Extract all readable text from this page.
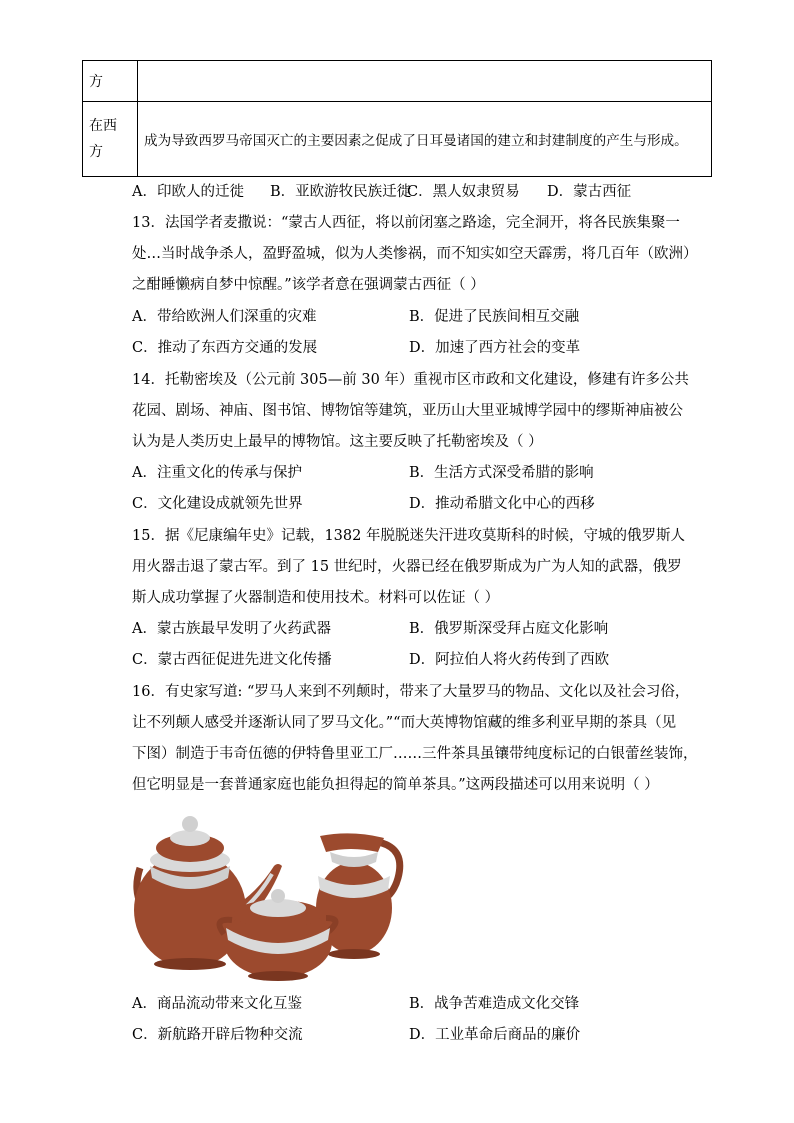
方	

在西
方	成为导致西罗马帝国灭亡的主要因素之促成了日耳曼诸国的建立和封建制度的产生与形成。
A．印欧人的迁徙 B．亚欧游牧民族迁徙
C．黑人奴隶贸易 D．蒙古西征
13．法国学者麦撒说：“蒙古人西征，将以前闭塞之路途，完全洞开，将各民族集聚一
处…当时战争杀人，盈野盈城，似为人类惨祸，而不知实如空天霹雳，将几百年（欧洲）
之酣睡懒病自梦中惊醒。”该学者意在强调蒙古西征（ ）
A．带给欧洲人们深重的灾难	B．促进了民族间相互交融
C．推动了东西方交通的发展	D．加速了西方社会的变革
14．托勒密埃及（公元前 305—前 30 年）重视市区市政和文化建设，修建有许多公共
花园、剧场、神庙、图书馆、博物馆等建筑，亚历山大里亚城博学园中的缪斯神庙被公
认为是人类历史上最早的博物馆。这主要反映了托勒密埃及（ ）
A．注重文化的传承与保护	B．生活方式深受希腊的影响
C．文化建设成就领先世界	D．推动希腊文化中心的西移
15．据《尼康编年史》记载，1382 年脱脱迷失汗进攻莫斯科的时候，守城的俄罗斯人
用火器击退了蒙古军。到了 15 世纪时，火器已经在俄罗斯成为广为人知的武器，俄罗
斯人成功掌握了火器制造和使用技术。材料可以佐证（ ）
A．蒙古族最早发明了火药武器	B．俄罗斯深受拜占庭文化影响
C．蒙古西征促进先进文化传播	D．阿拉伯人将火药传到了西欧
16．有史家写道: “罗马人来到不列颠时，带来了大量罗马的物品、文化以及社会习俗，
让不列颠人感受并逐渐认同了罗马文化。”“而大英博物馆藏的维多利亚早期的茶具（见
下图）制造于韦奇伍德的伊特鲁里亚工厂……三件茶具虽镶带纯度标记的白银蕾丝装饰，
但它明显是一套普通家庭也能负担得起的简单茶具。”这两段描述可以用来说明（ ）
A．商品流动带来文化互鉴	B．战争苦难造成文化交锋
C．新航路开辟后物种交流	D．工业革命后商品的廉价
